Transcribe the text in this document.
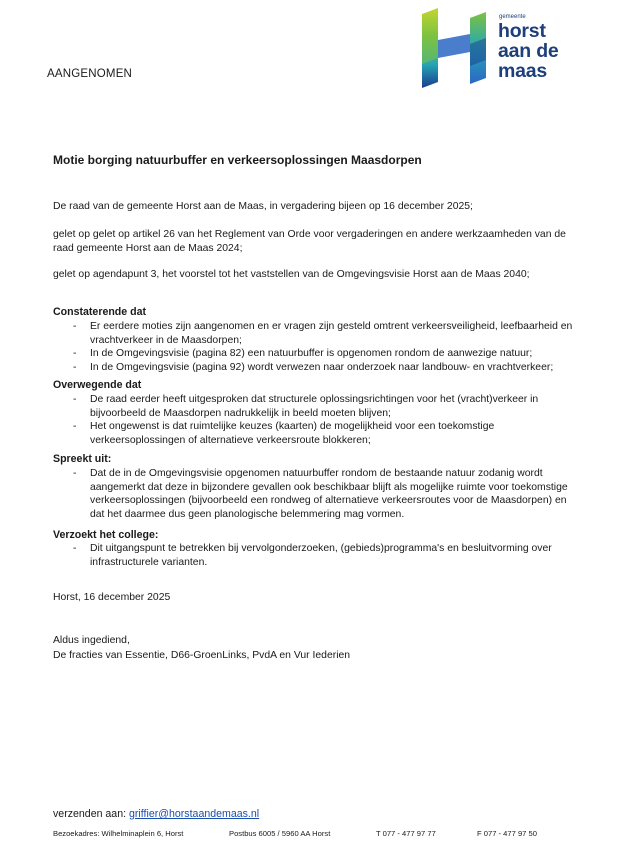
AANGENOMEN
gemeente
horst
aan de
maas
Motie borging natuurbuffer en verkeersoplossingen Maasdorpen
De raad van de gemeente Horst aan de Maas, in vergadering bijeen op 16 december 2025;
gelet op gelet op artikel 26 van het Reglement van Orde voor vergaderingen en andere werkzaamheden van de raad gemeente Horst aan de Maas 2024;
gelet op agendapunt 3, het voorstel tot het vaststellen van de Omgevingsvisie Horst aan de Maas 2040;
Constaterende dat
- Er eerdere moties zijn aangenomen en er vragen zijn gesteld omtrent verkeersveiligheid, leefbaarheid en vrachtverkeer in de Maasdorpen;
- In de Omgevingsvisie (pagina 82) een natuurbuffer is opgenomen rondom de aanwezige natuur;
- In de Omgevingsvisie (pagina 92) wordt verwezen naar onderzoek naar landbouw- en vrachtverkeer;
Overwegende dat
- De raad eerder heeft uitgesproken dat structurele oplossingsrichtingen voor het (vracht)verkeer in bijvoorbeeld de Maasdorpen nadrukkelijk in beeld moeten blijven;
- Het ongewenst is dat ruimtelijke keuzes (kaarten) de mogelijkheid voor een toekomstige verkeersoplossingen of alternatieve verkeersroute blokkeren;
Spreekt uit:
- Dat de in de Omgevingsvisie opgenomen natuurbuffer rondom de bestaande natuur zodanig wordt aangemerkt dat deze in bijzondere gevallen ook beschikbaar blijft als mogelijke ruimte voor toekomstige verkeersoplossingen (bijvoorbeeld een rondweg of alternatieve verkeersroutes voor de Maasdorpen) en dat het daarmee dus geen planologische belemmering mag vormen.
Verzoekt het college:
- Dit uitgangspunt te betrekken bij vervolgonderzoeken, (gebieds)programma's en besluitvorming over infrastructurele varianten.
Horst, 16 december 2025
Aldus ingediend,
De fracties van Essentie, D66-GroenLinks, PvdA en Vur Iederien
verzenden aan: griffier@horstaandemaas.nl
Bezoekadres: Wilhelminaplein 6, Horst	Postbus 6005 / 5960 AA Horst	T 077 - 477 97 77	F 077 - 477 97 50
